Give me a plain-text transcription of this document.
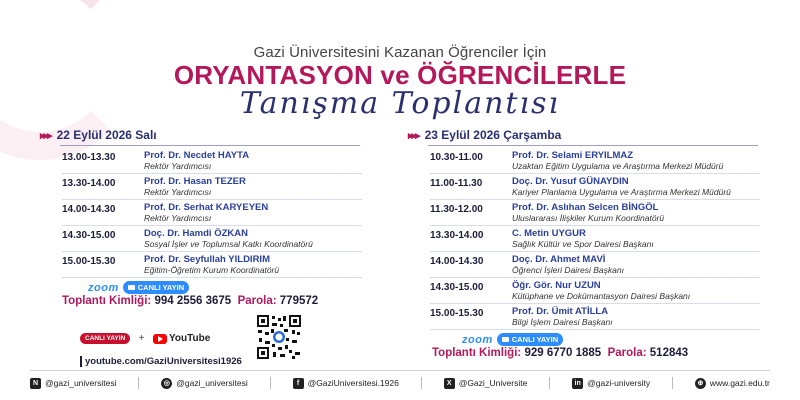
Gazi Üniversitesini Kazanan Öğrenciler İçin
ORYANTASYON ve ÖĞRENCİLERLE
Tanışma Toplantısı
▸▸▸ 22 Eylül 2026 Salı
13.00-13.30	Prof. Dr. Necdet HAYTA
Rektör Yardımcısı
13.30-14.00	Prof. Dr. Hasan TEZER
Rektör Yardımcısı
14.00-14.30	Prof. Dr. Serhat KARYEYEN
Rektör Yardımcısı
14.30-15.00	Doç. Dr. Hamdi ÖZKAN
Sosyal İşler ve Toplumsal Katkı Koordinatörü
15.00-15.30	Prof. Dr. Seyfullah YILDIRIM
Eğitim-Öğretim Kurum Koordinatörü
zoom	CANLI YAYIN
Toplantı Kimliği: 994 2556 3675 Parola: 779572
▸▸▸ 23 Eylül 2026 Çarşamba
10.30-11.00	Prof. Dr. Selami ERYILMAZ
Uzaktan Eğitim Uygulama ve Araştırma Merkezi Müdürü
11.00-11.30	Doç. Dr. Yusuf GÜNAYDIN
Kariyer Planlama Uygulama ve Araştırma Merkezi Müdürü
11.30-12.00	Prof. Dr. Aslıhan Selcen BİNGÖL
Uluslararası İlişkiler Kurum Koordinatörü
13.30-14.00	C. Metin UYGUR
Sağlık Kültür ve Spor Dairesi Başkanı
14.00-14.30	Doç. Dr. Ahmet MAVİ
Öğrenci İşleri Dairesi Başkanı
14.30-15.00	Öğr. Gör. Nur UZUN
Kütüphane ve Dokümantasyon Dairesi Başkanı
15.00-15.30	Prof. Dr. Ümit ATİLLA
Bilgi İşlem Dairesi Başkanı
zoom	CANLI YAYIN
Toplantı Kimliği: 929 6770 1885 Parola: 512843
CANLI YAYIN + YouTube
youtube.com/GaziUniversitesi1926
N @gazi_universitesi	◎ @gazi_universitesi	f @GaziUniversitesi.1926	X @Gazi_Universite	in @gazi-university	⊕ www.gazi.edu.tr
